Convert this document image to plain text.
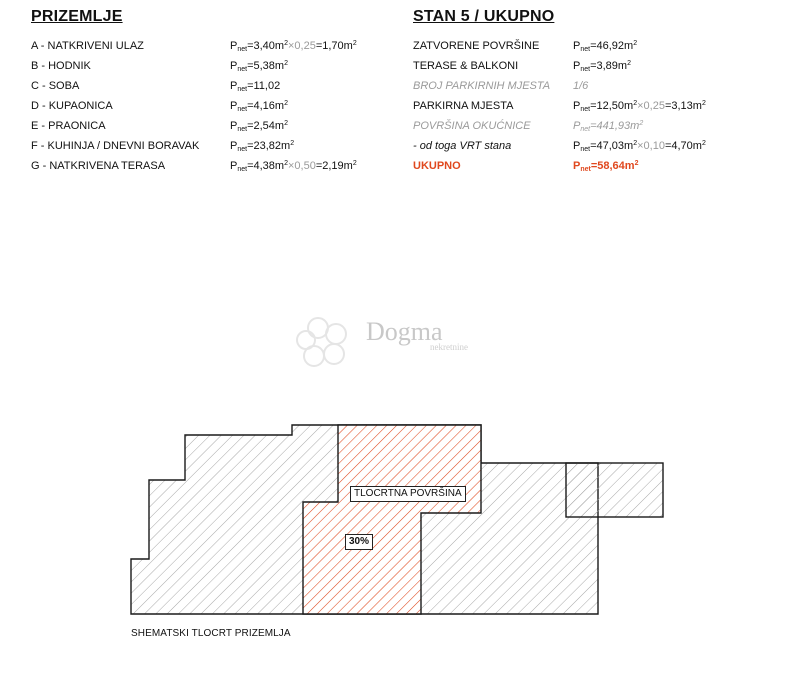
PRIZEMLJE
A - NATKRIVENI ULAZ	$P_{net}=3,40m^2\times 0,25=1,70m^2$
B - HODNIK	$P_{net}=5,38m^2$
C - SOBA	$P_{net}=11,02$
D - KUPAONICA	$P_{net}=4,16m^2$
E - PRAONICA	$P_{net}=2,54m^2$
F - KUHINJA / DNEVNI BORAVAK	$P_{net}=23,82m^2$
G - NATKRIVENA TERASA	$P_{net}=4,38m^2\times 0,50=2,19m^2$
STAN 5 / UKUPNO
ZATVORENE POVRŠINE	$P_{net}=46,92m^2$
TERASE & BALKONI	$P_{net}=3,89m^2$
BROJ PARKIRNIH MJESTA 1/6
PARKIRNA MJESTA	$P_{net}=12,50m^2\times 0,25=3,13m^2$
POVRŠINA OKUĆNICE	$P_{net}=441,93m^2$
- od toga VRT stana	$P_{net}=47,03m^2\times 0,10=4,70m^2$
UKUPNO	$P_{net}=58,64m^2$
Dogma
nekretnine
TLOCRTNA POVRŠINA
30%
SHEMATSKI TLOCRT PRIZEMLJA
